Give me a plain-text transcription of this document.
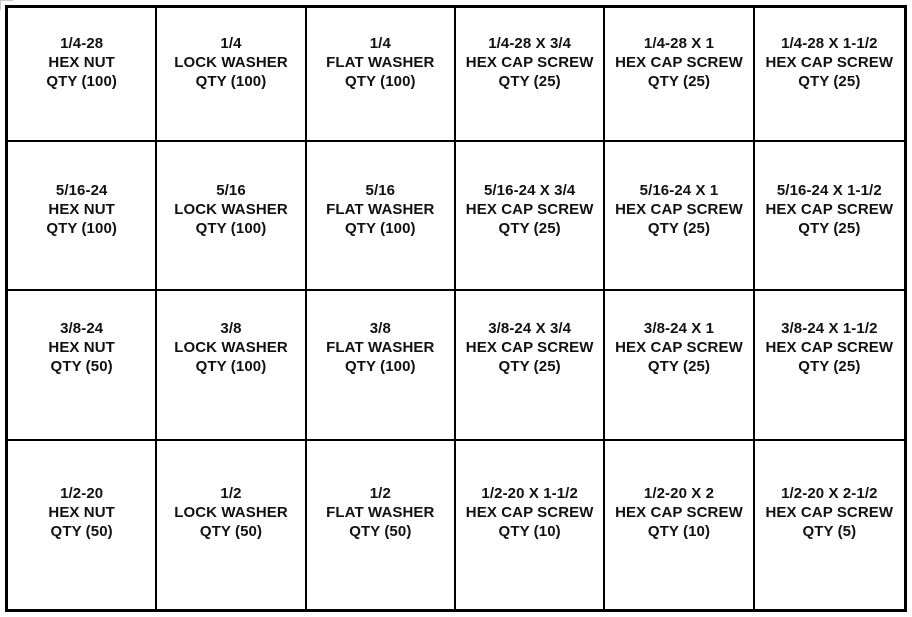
1/4-28
HEX NUT
QTY (100)
1/4
LOCK WASHER
QTY (100)
1/4
FLAT WASHER
QTY (100)
1/4-28 X 3/4
HEX CAP SCREW
QTY (25)
1/4-28 X 1
HEX CAP SCREW
QTY (25)
1/4-28 X 1-1/2
HEX CAP SCREW
QTY (25)
5/16-24
HEX NUT
QTY (100)
5/16
LOCK WASHER
QTY (100)
5/16
FLAT WASHER
QTY (100)
5/16-24 X 3/4
HEX CAP SCREW
QTY (25)
5/16-24 X 1
HEX CAP SCREW
QTY (25)
5/16-24 X 1-1/2
HEX CAP SCREW
QTY (25)
3/8-24
HEX NUT
QTY (50)
3/8
LOCK WASHER
QTY (100)
3/8
FLAT WASHER
QTY (100)
3/8-24 X 3/4
HEX CAP SCREW
QTY (25)
3/8-24 X 1
HEX CAP SCREW
QTY (25)
3/8-24 X 1-1/2
HEX CAP SCREW
QTY (25)
1/2-20
HEX NUT
QTY (50)
1/2
LOCK WASHER
QTY (50)
1/2
FLAT WASHER
QTY (50)
1/2-20 X 1-1/2
HEX CAP SCREW
QTY (10)
1/2-20 X 2
HEX CAP SCREW
QTY (10)
1/2-20 X 2-1/2
HEX CAP SCREW
QTY (5)
